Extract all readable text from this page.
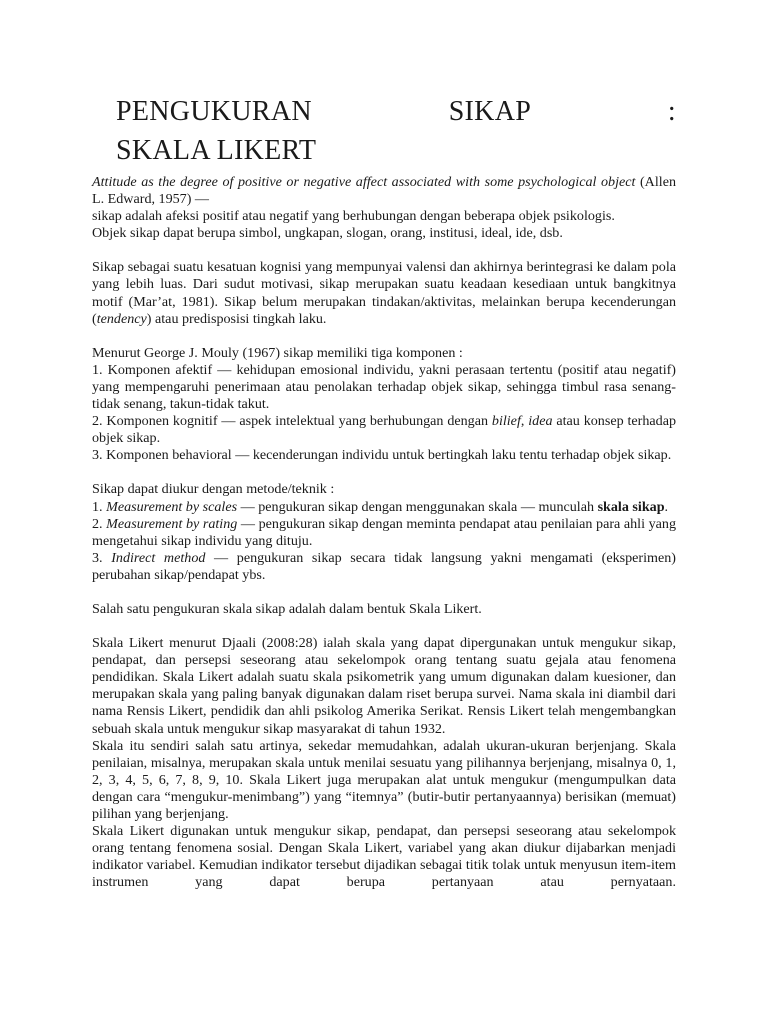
PENGUKURAN	SIKAP	:
SKALA LIKERT

Attitude as the degree of positive or negative affect associated with some psychological object (Allen L. Edward, 1957) —

sikap adalah afeksi positif atau negatif yang berhubungan dengan beberapa objek psikologis.

Objek sikap dapat berupa simbol, ungkapan, slogan, orang, institusi, ideal, ide, dsb.

Sikap sebagai suatu kesatuan kognisi yang mempunyai valensi dan akhirnya berintegrasi ke dalam pola yang lebih luas. Dari sudut motivasi, sikap merupakan suatu keadaan kesediaan untuk bangkitnya motif (Mar’at, 1981). Sikap belum merupakan tindakan/aktivitas, melainkan berupa kecenderungan (tendency) atau predisposisi tingkah laku.

Menurut George J. Mouly (1967) sikap memiliki tiga komponen :

1. Komponen afektif — kehidupan emosional individu, yakni perasaan tertentu (positif atau negatif) yang mempengaruhi penerimaan atau penolakan terhadap objek sikap, sehingga timbul rasa senang-tidak senang, takun-tidak takut.

2. Komponen kognitif — aspek intelektual yang berhubungan dengan bilief, idea atau konsep terhadap objek sikap.

3. Komponen behavioral — kecenderungan individu untuk bertingkah laku tentu terhadap objek sikap.

Sikap dapat diukur dengan metode/teknik :

1. Measurement by scales — pengukuran sikap dengan menggunakan skala — munculah skala sikap.

2. Measurement by rating — pengukuran sikap dengan meminta pendapat atau penilaian para ahli yang mengetahui sikap individu yang dituju.

3. Indirect method — pengukuran sikap secara tidak langsung yakni mengamati (eksperimen) perubahan sikap/pendapat ybs.

Salah satu pengukuran skala sikap adalah dalam bentuk Skala Likert.

Skala Likert menurut Djaali (2008:28) ialah skala yang dapat dipergunakan untuk mengukur sikap, pendapat, dan persepsi seseorang atau sekelompok orang tentang suatu gejala atau fenomena pendidikan. Skala Likert adalah suatu skala psikometrik yang umum digunakan dalam kuesioner, dan merupakan skala yang paling banyak digunakan dalam riset berupa survei. Nama skala ini diambil dari nama Rensis Likert, pendidik dan ahli psikolog Amerika Serikat. Rensis Likert telah mengembangkan sebuah skala untuk mengukur sikap masyarakat di tahun 1932.

Skala itu sendiri salah satu artinya, sekedar memudahkan, adalah ukuran-ukuran berjenjang. Skala penilaian, misalnya, merupakan skala untuk menilai sesuatu yang pilihannya berjenjang, misalnya 0, 1, 2, 3, 4, 5, 6, 7, 8, 9, 10. Skala Likert juga merupakan alat untuk mengukur (mengumpulkan data dengan cara “mengukur-menimbang”) yang “itemnya” (butir-butir pertanyaannya) berisikan (memuat) pilihan yang berjenjang.

Skala Likert digunakan untuk mengukur sikap, pendapat, dan persepsi seseorang atau sekelompok orang tentang fenomena sosial. Dengan Skala Likert, variabel yang akan diukur dijabarkan menjadi indikator variabel. Kemudian indikator tersebut dijadikan sebagai titik tolak untuk menyusun item-item instrumen yang dapat berupa pertanyaan atau pernyataan.
